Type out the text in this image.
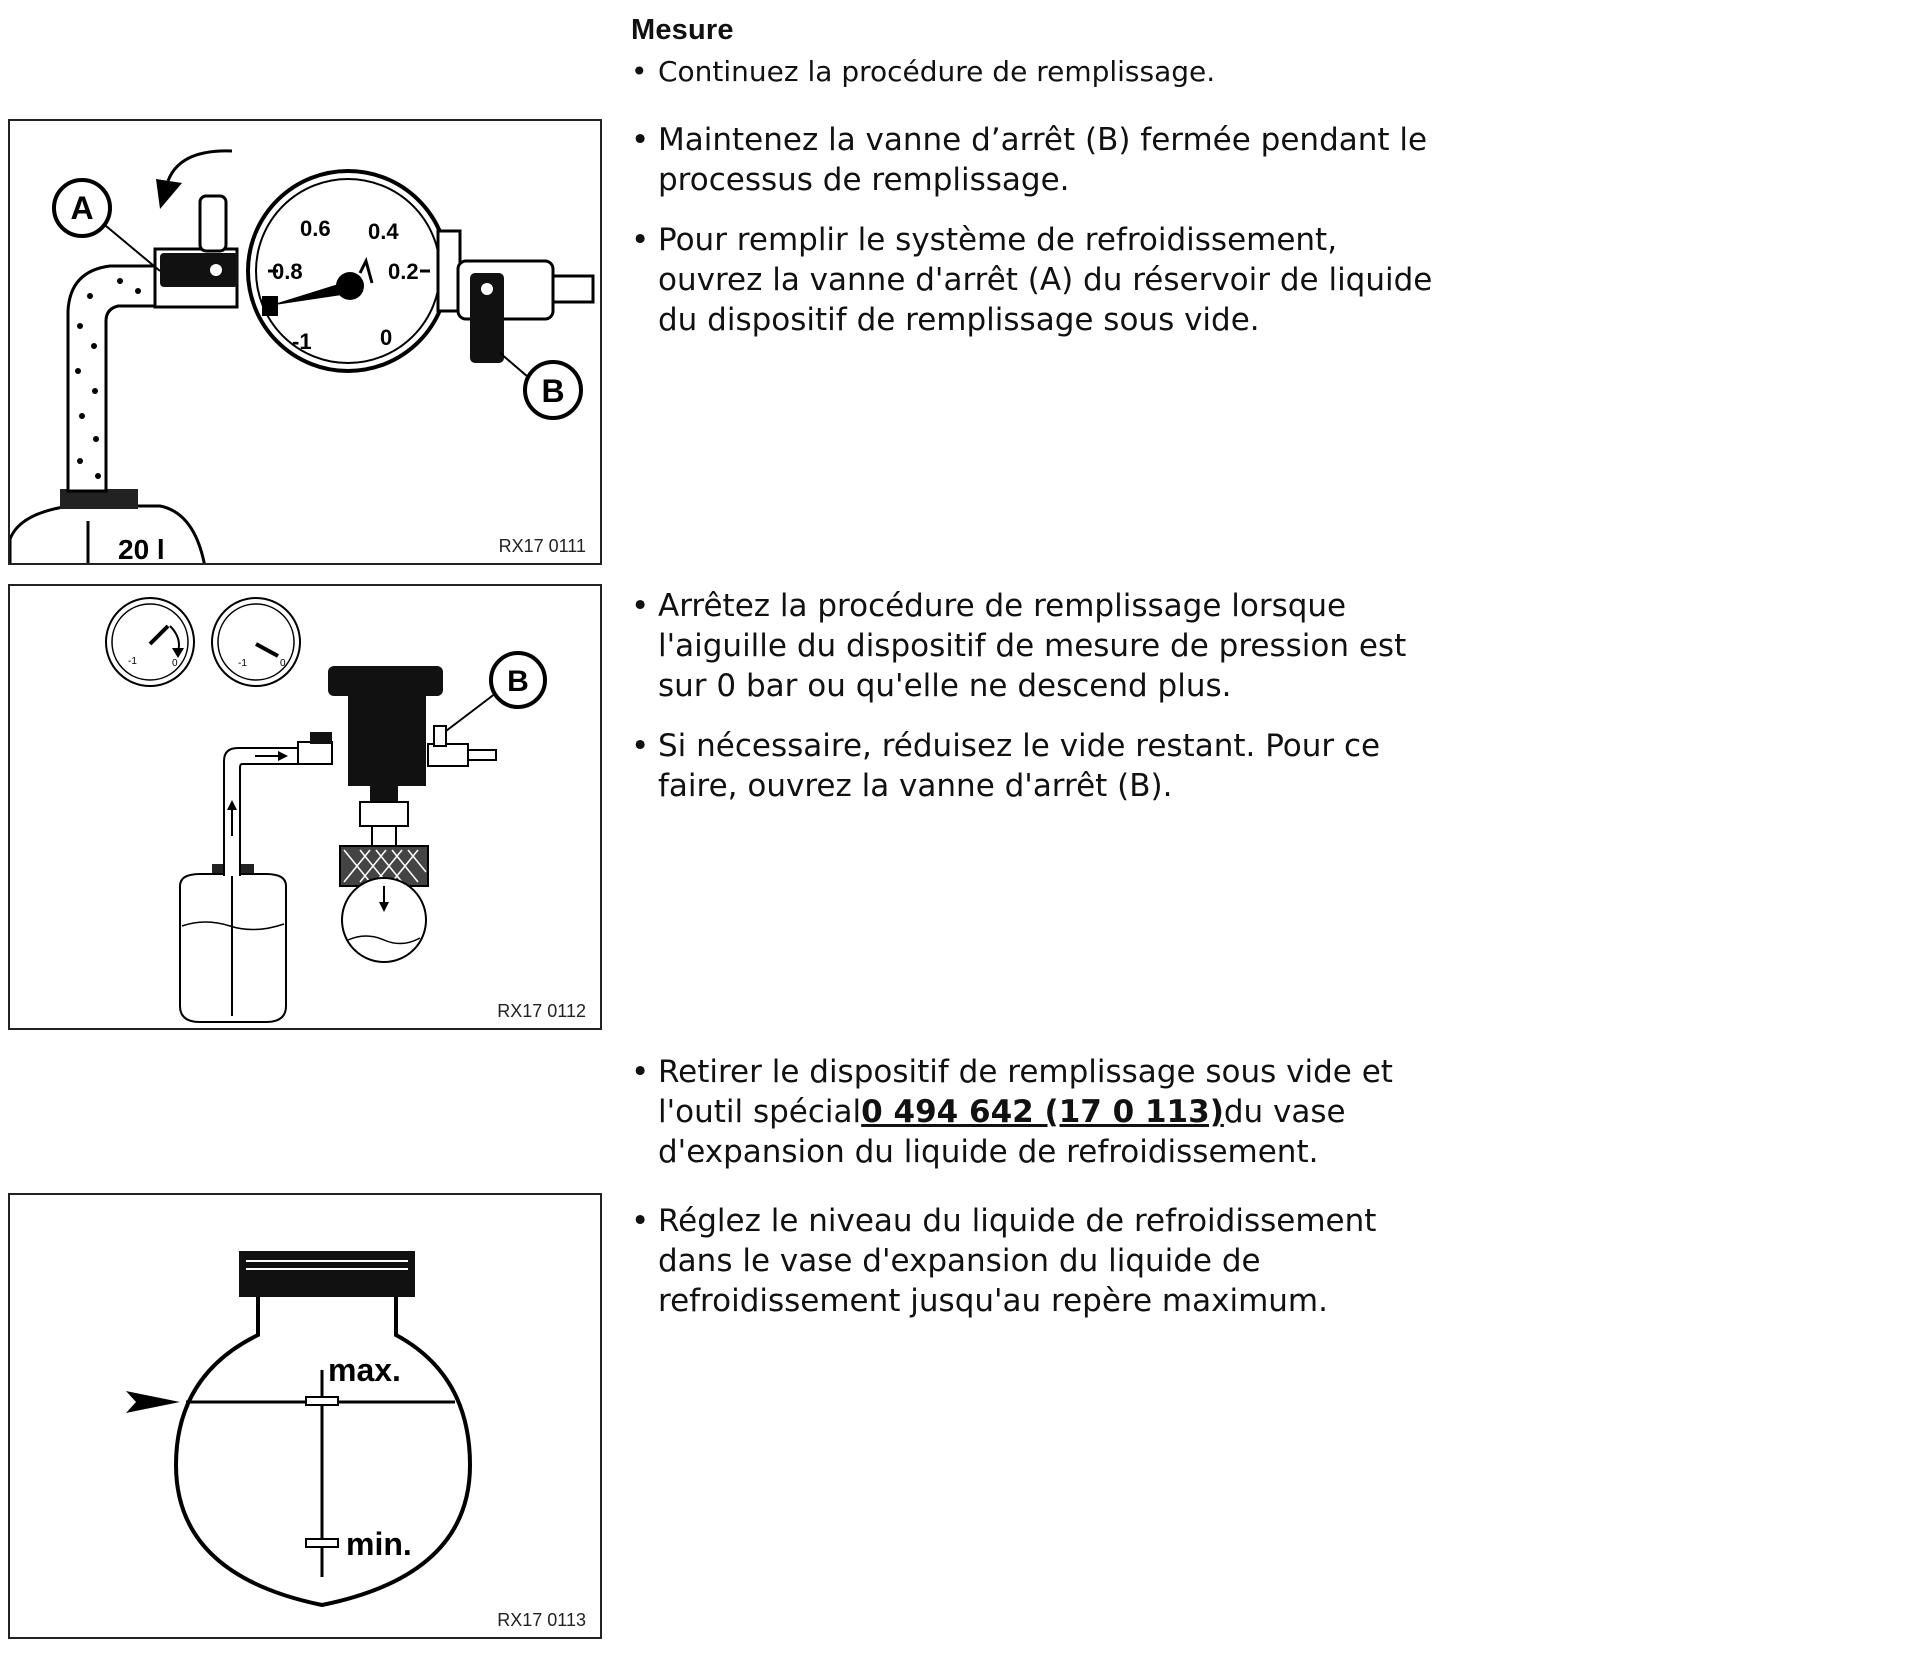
Mesure
• Continuez la procédure de remplissage.
• Maintenez la vanne d’arrêt (B) fermée pendant le
processus de remplissage.
• Pour remplir le système de refroidissement,
ouvrez la vanne d'arrêt (A) du réservoir de liquide
du dispositif de remplissage sous vide.
• Arrêtez la procédure de remplissage lorsque
l'aiguille du dispositif de mesure de pression est
sur 0 bar ou qu'elle ne descend plus.
• Si nécessaire, réduisez le vide restant. Pour ce
faire, ouvrez la vanne d'arrêt (B).
• Retirer le dispositif de remplissage sous vide et
l'outil spécial0 494 642 (17 0 113)du vase
d'expansion du liquide de refroidissement.
• Réglez le niveau du liquide de refroidissement
dans le vase d'expansion du liquide de
refroidissement jusqu'au repère maximum.
20 l
0.6 0.4
0.8	0.2
-1	0
A
B
RX17 0111
-1	0	-1	0
B
RX17 0112
max.
min.
RX17 0113
